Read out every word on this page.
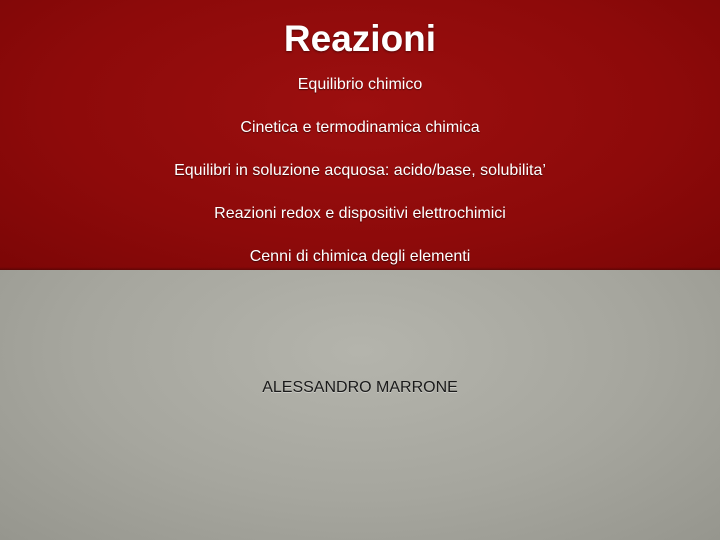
Reazioni
Equilibrio chimico
Cinetica e termodinamica chimica
Equilibri in soluzione acquosa: acido/base, solubilita’
Reazioni redox e dispositivi elettrochimici
Cenni di chimica degli elementi
ALESSANDRO MARRONE
